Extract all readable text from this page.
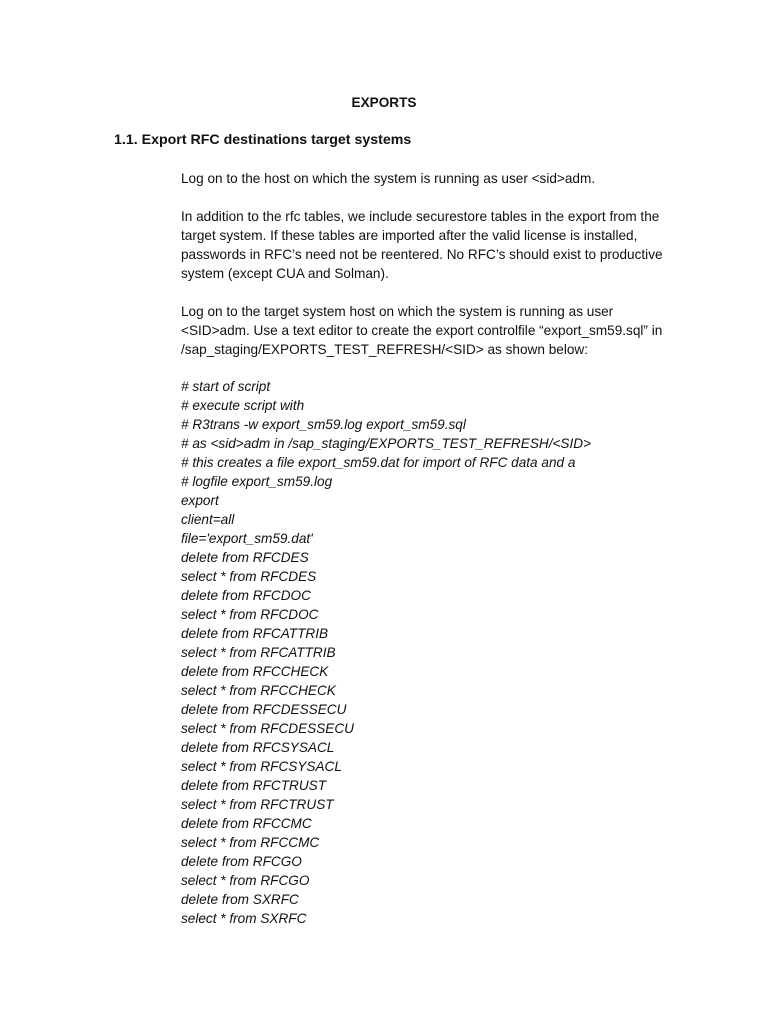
EXPORTS
1.1. Export RFC destinations target systems

Log on to the host on which the system is running as user <sid>adm.

In addition to the rfc tables, we include securestore tables in the export from the
target system. If these tables are imported after the valid license is installed,
passwords in RFC’s need not be reentered. No RFC’s should exist to productive
system (except CUA and Solman).
Log on to the target system host on which the system is running as user
<SID>adm. Use a text editor to create the export controlfile “export_sm59.sql” in
/sap_staging/EXPORTS_TEST_REFRESH/<SID> as shown below:
# start of script
# execute script with
# R3trans -w export_sm59.log export_sm59.sql
# as <sid>adm in /sap_staging/EXPORTS_TEST_REFRESH/<SID>
# this creates a file export_sm59.dat for import of RFC data and a
# logfile export_sm59.log
export
client=all
file='export_sm59.dat'
delete from RFCDES
select * from RFCDES
delete from RFCDOC
select * from RFCDOC
delete from RFCATTRIB
select * from RFCATTRIB
delete from RFCCHECK
select * from RFCCHECK
delete from RFCDESSECU
select * from RFCDESSECU
delete from RFCSYSACL
select * from RFCSYSACL
delete from RFCTRUST
select * from RFCTRUST
delete from RFCCMC
select * from RFCCMC
delete from RFCGO
select * from RFCGO
delete from SXRFC
select * from SXRFC
